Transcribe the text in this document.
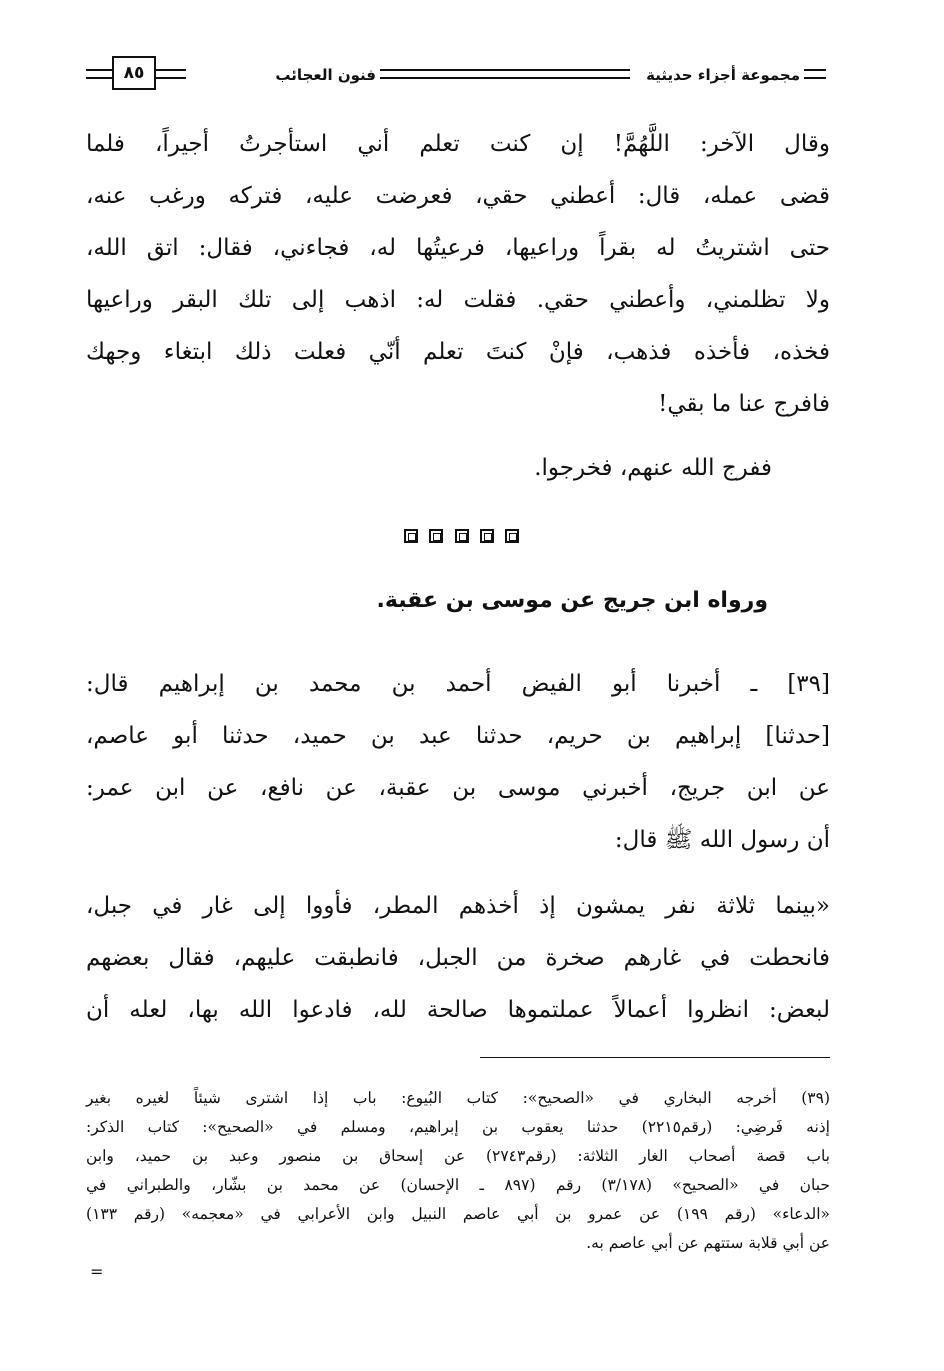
مجموعة أجزاء حديثية
فنون العجائب
٨٥
وقال الآخر: اللَّهُمَّ! إن كنت تعلم أني استأجرتُ أجيراً، فلما
قضى عمله، قال: أعطني حقي، فعرضت عليه، فتركه ورغب عنه،
حتى اشتريتُ له بقراً وراعيها، فرعيتُها له، فجاءني، فقال: اتق الله،
ولا تظلمني، وأعطني حقي. فقلت له: اذهب إلى تلك البقر وراعيها
فخذه، فأخذه فذهب، فإنْ كنتَ تعلم أنّي فعلت ذلك ابتغاء وجهك
فافرج عنا ما بقي!
ففرج الله عنهم، فخرجوا.
ورواه ابن جريج عن موسى بن عقبة.
[٣٩] ـ أخبرنا أبو الفيض أحمد بن محمد بن إبراهيم قال:
[حدثنا] إبراهيم بن حريم، حدثنا عبد بن حميد، حدثنا أبو عاصم،
عن ابن جريج، أخبرني موسى بن عقبة، عن نافع، عن ابن عمر:
أن رسول الله ﷺ قال:
«بينما ثلاثة نفر يمشون إذ أخذهم المطر، فأووا إلى غار في جبل،
فانحطت في غارهم صخرة من الجبل، فانطبقت عليهم، فقال بعضهم
لبعض: انظروا أعمالاً عملتموها صالحة لله، فادعوا الله بها، لعله أن
(٣٩) أخرجه البخاري في «الصحيح»: كتاب البُيوع: باب إذا اشترى شيئاً لغيره بغير
إذنه فَرضِي: (رقم٢٢١٥) حدثنا يعقوب بن إبراهيم، ومسلم في «الصحيح»: كتاب الذكر:
باب قصة أصحاب الغار الثلاثة: (رقم٢٧٤٣) عن إسحاق بن منصور وعبد بن حميد، وابن
حبان في «الصحيح» (٣/١٧٨) رقم (٨٩٧ ـ الإحسان) عن محمد بن بشّار، والطبراني في
«الدعاء» (رقم ١٩٩) عن عمرو بن أبي عاصم النبيل وابن الأعرابي في «معجمه» (رقم ١٣٣)
عن أبي قلابة ستتهم عن أبي عاصم به.
=
